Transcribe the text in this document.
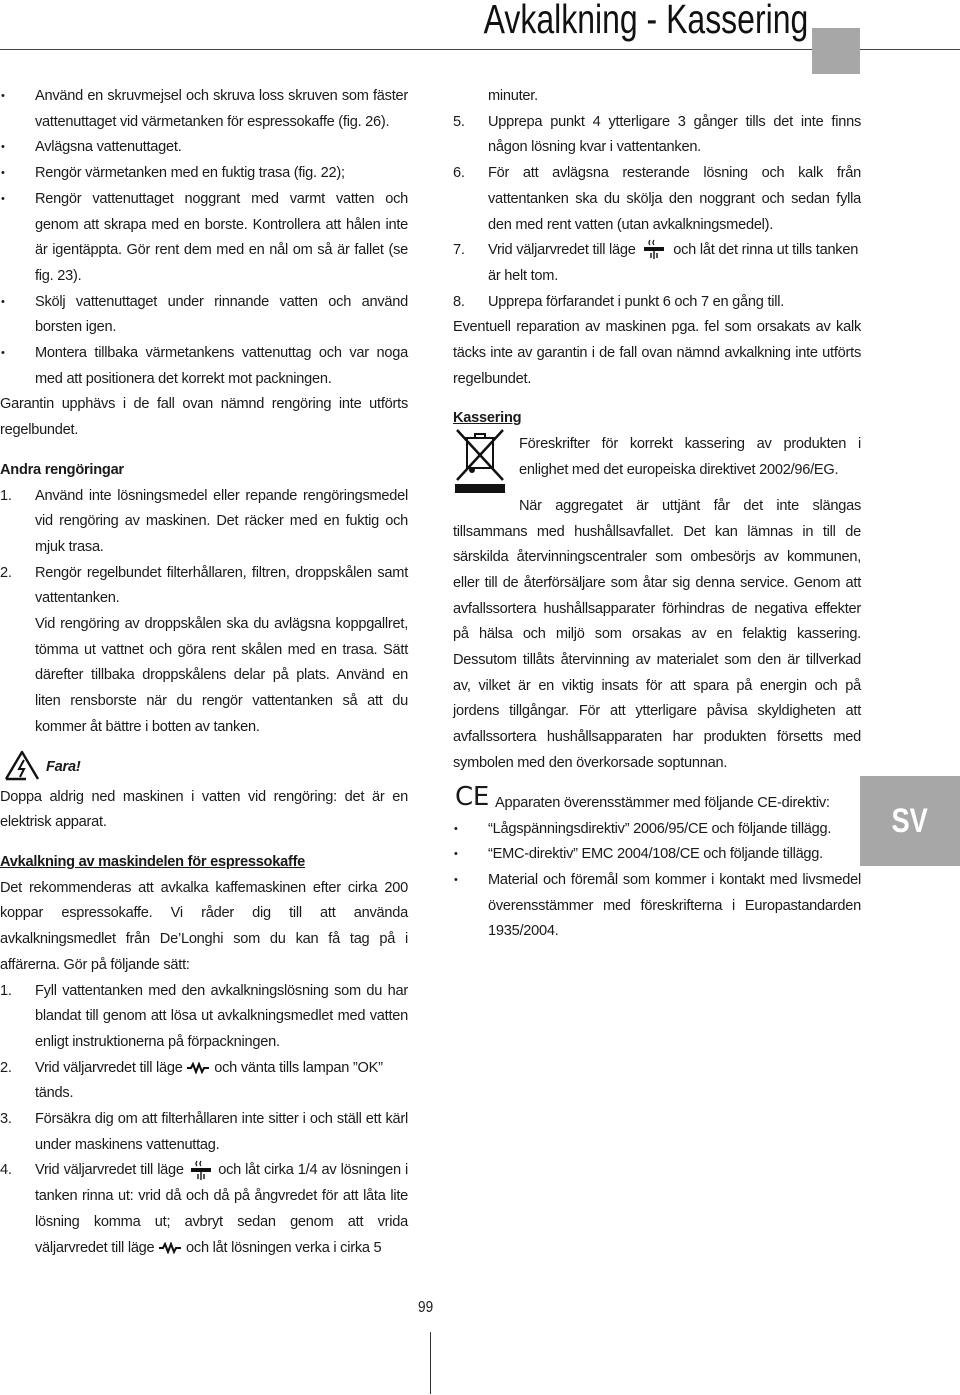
Avkalkning - Kassering
• Använd en skruvmejsel och skruva loss skruven som fäster vattenuttaget vid värmetanken för espressokaffe (fig. 26).
• Avlägsna vattenuttaget.
• Rengör värmetanken med en fuktig trasa (fig. 22);
• Rengör vattenuttaget noggrant med varmt vatten och genom att skrapa med en borste. Kontrollera att hålen inte är igentäppta. Gör rent dem med en nål om så är fallet (se fig. 23).
• Skölj vattenuttaget under rinnande vatten och använd borsten igen.
• Montera tillbaka värmetankens vattenuttag och var noga med att positionera det korrekt mot packningen.

Garantin upphävs i de fall ovan nämnd rengöring inte utförts regelbundet.

Andra rengöringar

1. Använd inte lösningsmedel eller repande rengöringsmedel vid rengöring av maskinen. Det räcker med en fuktig och mjuk trasa.
2. Rengör regelbundet filterhållaren, filtren, droppskålen samt vattentanken.

Vid rengöring av droppskålen ska du avlägsna koppgallret, tömma ut vattnet och göra rent skålen med en trasa. Sätt därefter tillbaka droppskålens delar på plats. Använd en liten rensborste när du rengör vattentanken så att du kommer åt bättre i botten av tanken.

Fara!

Doppa aldrig ned maskinen i vatten vid rengöring: det är en elektrisk apparat.

Avkalkning av maskindelen för espressokaffe

Det rekommenderas att avkalka kaffemaskinen efter cirka 200 koppar espressokaffe. Vi råder dig till att använda avkalkningsmedlet från De’Longhi som du kan få tag på i affärerna. Gör på följande sätt:

1. Fyll vattentanken med den avkalkningslösning som du har blandat till genom att lösa ut avkalkningsmedlet med vatten enligt instruktionerna på förpackningen.
2. Vrid väljarvredet till läge och vänta tills lampan ”OK” tänds.
3. Försäkra dig om att filterhållaren inte sitter i och ställ ett kärl under maskinens vattenuttag.
4. Vrid väljarvredet till läge och låt cirka 1/4 av lösningen i tanken rinna ut: vrid då och då på ångvredet för att låta lite lösning komma ut; avbryt sedan genom att vrida väljarvredet till läge och låt lösningen verka i cirka 5

minuter.

5. Upprepa punkt 4 ytterligare 3 gånger tills det inte finns någon lösning kvar i vattentanken.
6. För att avlägsna resterande lösning och kalk från vattentanken ska du skölja den noggrant och sedan fylla den med rent vatten (utan avkalkningsmedel).
7. Vrid väljarvredet till läge	och låt det rinna ut tills tanken är helt tom.
8. Upprepa förfarandet i punkt 6 och 7 en gång till.

Eventuell reparation av maskinen pga. fel som orsakats av kalk täcks inte av garantin i de fall ovan nämnd avkalkning inte utförts regelbundet.

Kassering

Föreskrifter för korrekt kassering av produkten i enlighet med det europeiska direktivet 2002/96/EG.

När aggregatet är uttjänt får det inte slängas tillsammans med hushållsavfallet. Det kan lämnas in till de särskilda återvinningscentraler som ombesörjs av kommunen, eller till de återförsäljare som åtar sig denna service. Genom att avfallssortera hushållsapparater förhindras de negativa effekter på hälsa och miljö som orsakas av en felaktig kassering. Dessutom tillåts återvinning av materialet som den är tillverkad av, vilket är en viktig insats för att spara på energin och på jordens tillgångar. För att ytterligare påvisa skyldigheten att avfallssortera hushållsapparaten har produkten försetts med symbolen med den överkorsade soptunnan.

CE Apparaten överensstämmer med följande CE-direktiv:
• “Lågspänningsdirektiv” 2006/95/CE och följande tillägg.
• “EMC-direktiv” EMC 2004/108/CE och följande tillägg.
• Material och föremål som kommer i kontakt med livsmedel överensstämmer med föreskrifterna i Europastandarden 1935/2004.
SV
99
